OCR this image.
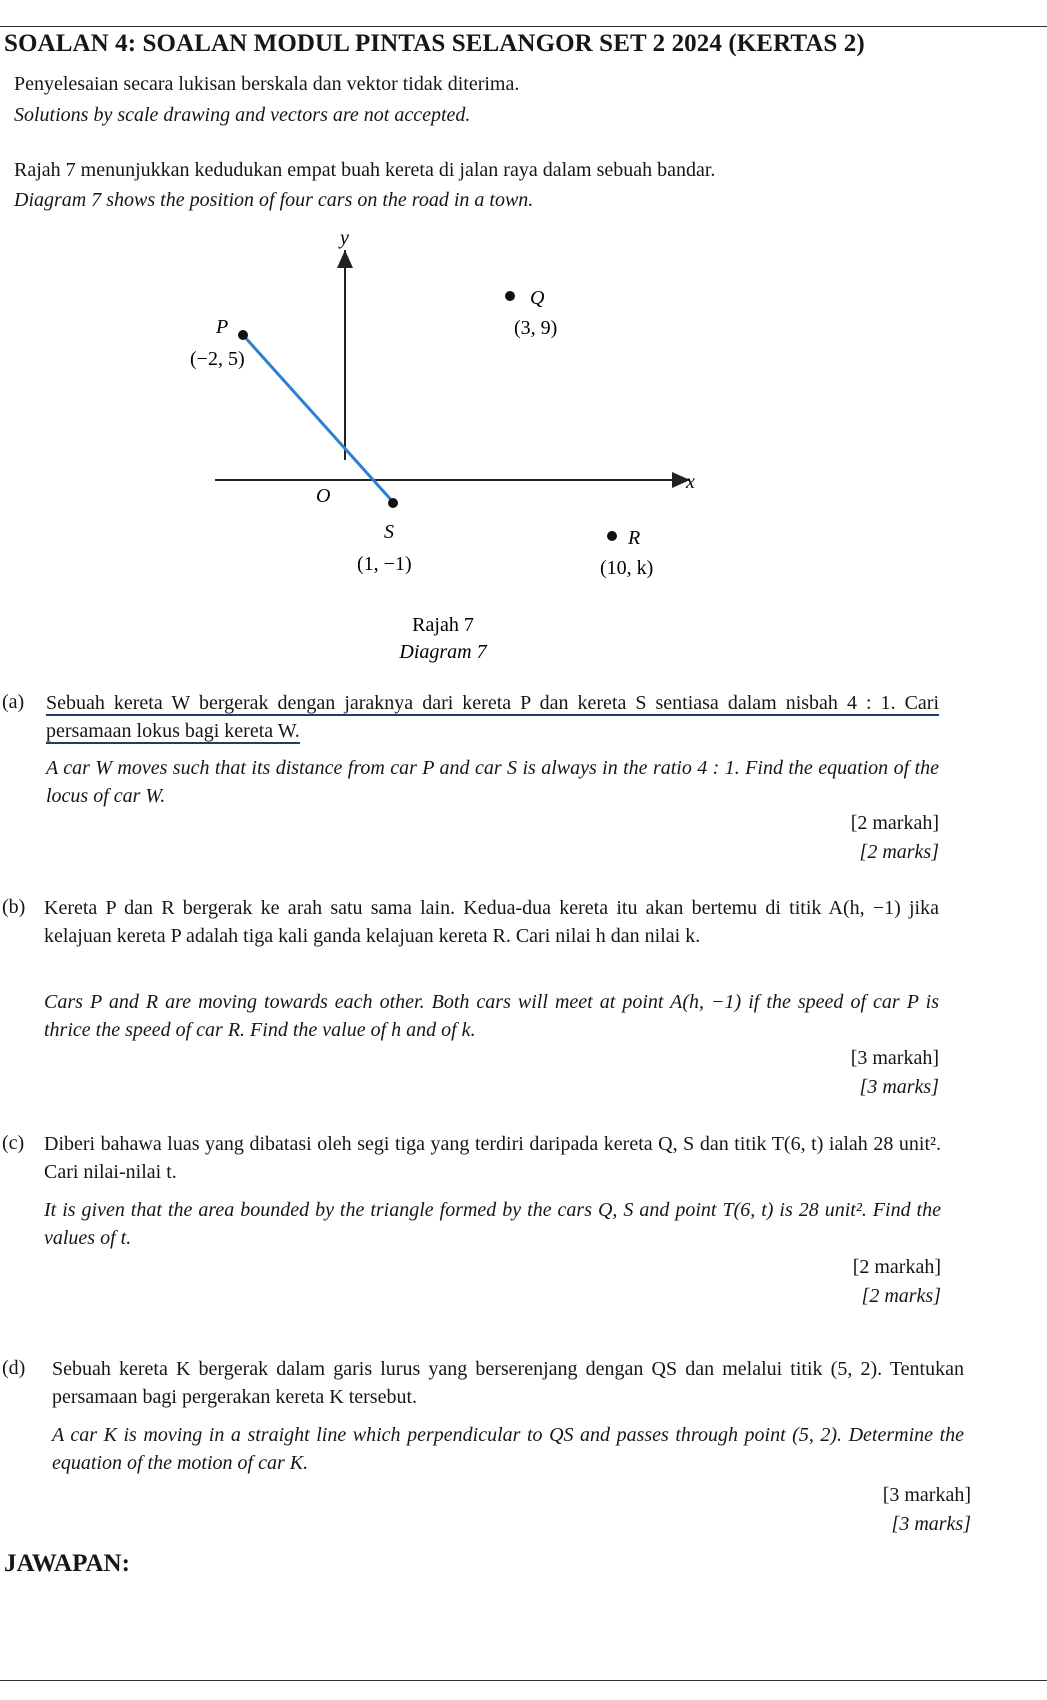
SOALAN 4: SOALAN MODUL PINTAS SELANGOR SET 2 2024 (KERTAS 2)
Penyelesaian secara lukisan berskala dan vektor tidak diterima.
Solutions by scale drawing and vectors are not accepted.
Rajah 7 menunjukkan kedudukan empat buah kereta di jalan raya dalam sebuah bandar.
Diagram 7 shows the position of four cars on the road in a town.
y
x
O
P
(−2, 5)
Q
(3, 9)
S
(1, −1)
R
(10, k)
Rajah 7
Diagram 7
(a) Sebuah kereta W bergerak dengan jaraknya dari kereta P dan kereta S sentiasa dalam nisbah 4 : 1. Cari persamaan lokus bagi kereta W.
A car W moves such that its distance from car P and car S is always in the ratio 4 : 1. Find the equation of the locus of car W.
[2 markah]
[2 marks]
(b) Kereta P dan R bergerak ke arah satu sama lain. Kedua-dua kereta itu akan bertemu di titik A(h, −1) jika kelajuan kereta P adalah tiga kali ganda kelajuan kereta R. Cari nilai h dan nilai k.
Cars P and R are moving towards each other. Both cars will meet at point A(h, −1) if the speed of car P is thrice the speed of car R. Find the value of h and of k.
[3 markah]
[3 marks]
(c) Diberi bahawa luas yang dibatasi oleh segi tiga yang terdiri daripada kereta Q, S dan titik T(6, t) ialah 28 unit². Cari nilai-nilai t.
It is given that the area bounded by the triangle formed by the cars Q, S and point T(6, t) is 28 unit². Find the values of t.
[2 markah]
[2 marks]
(d) Sebuah kereta K bergerak dalam garis lurus yang berserenjang dengan QS dan melalui titik (5, 2). Tentukan persamaan bagi pergerakan kereta K tersebut.
A car K is moving in a straight line which perpendicular to QS and passes through point (5, 2). Determine the equation of the motion of car K.
[3 markah]
[3 marks]
JAWAPAN:
